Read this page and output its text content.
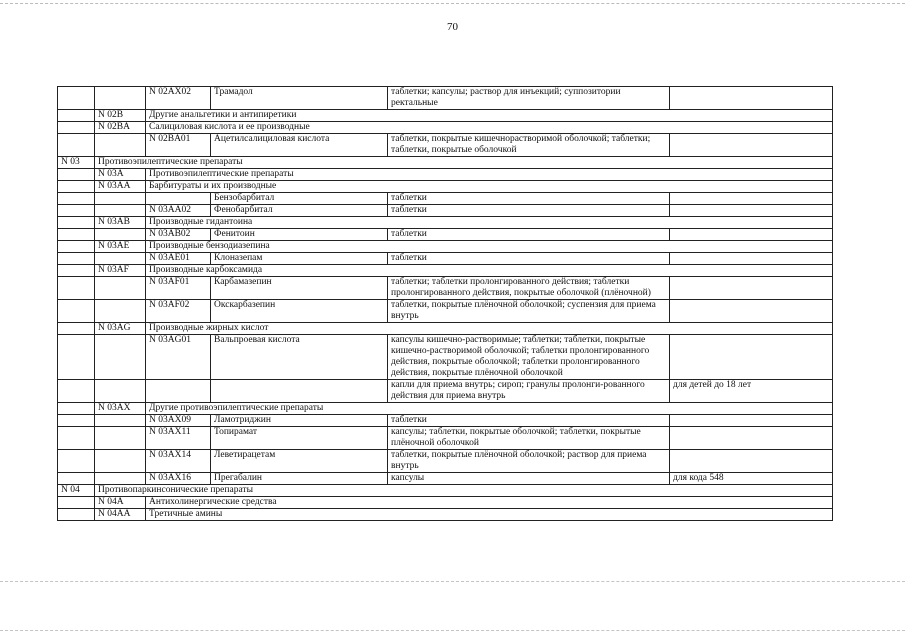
70
		N 02AX02	Трамадол	таблетки; капсулы; раствор для инъекций; суппозитории ректальные	
	N 02B	Другие анальгетики и антипиретики			
	N 02BA	Салициловая кислота и ее производные			
		N 02BA01	Ацетилсалициловая кислота	таблетки, покрытые кишечнорастворимой оболочкой; таблетки; таблетки, покрытые оболочкой	
N 03	Противоэпилептические препараты				
	N 03A	Противоэпилептические препараты			
	N 03AA	Барбитураты и их производные			
			Бензобарбитал	таблетки	
		N 03AA02	Фенобарбитал	таблетки	
	N 03AB	Производные гидантоина			
		N 03AB02	Фенитоин	таблетки	
	N 03AE	Производные бензодиазепина			
		N 03AE01	Клоназепам	таблетки	
	N 03AF	Производные карбоксамида			
		N 03AF01	Карбамазепин	таблетки; таблетки пролонгированного действия; таблетки пролонгированного действия, покрытые оболочкой (плёночной)	
		N 03AF02	Окскарбазепин	таблетки, покрытые плёночной оболочкой; суспензия для приема внутрь	
	N 03AG	Производные жирных кислот			
		N 03AG01	Вальпроевая кислота	капсулы кишечно-растворимые; таблетки; таблетки, покрытые кишечно-растворимой оболочкой; таблетки пролонгированного действия, покрытые оболочкой; таблетки пролонгированного действия, покрытые плёночной оболочкой	
				капли для приема внутрь; сироп; гранулы пролонги-рованного действия для приема внутрь	для детей до 18 лет
	N 03AX	Другие противоэпилептические препараты			
		N 03AX09	Ламотриджин	таблетки	
		N 03AX11	Топирамат	капсулы; таблетки, покрытые оболочкой; таблетки, покрытые плёночной оболочкой	
		N 03AX14	Леветирацетам	таблетки, покрытые плёночной оболочкой; раствор для приема внутрь	
		N 03AX16	Прегабалин	капсулы	для кода 548
N 04	Противопаркинсонические препараты				
	N 04A	Антихолинергические средства			
	N 04AA	Третичные амины			
